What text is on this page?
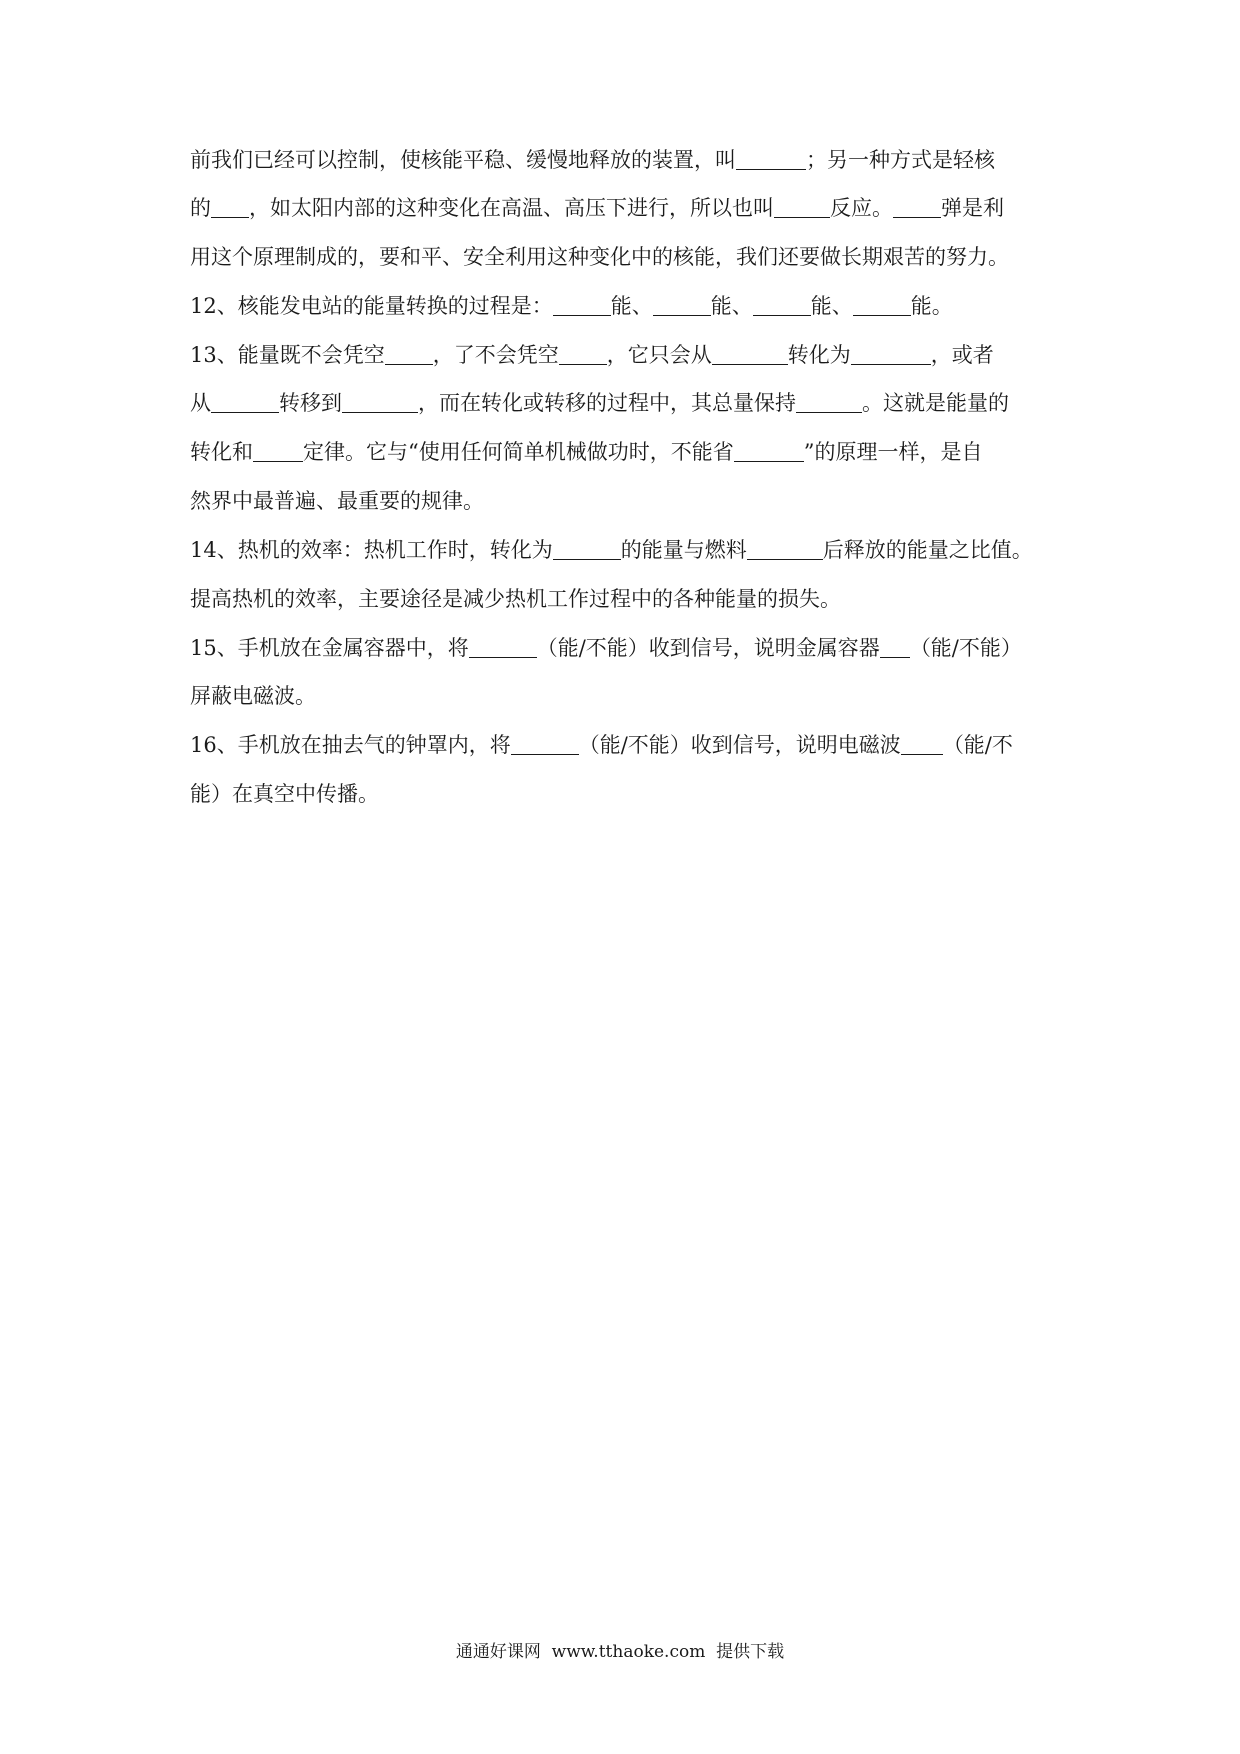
前我们已经可以控制，使核能平稳、缓慢地释放的装置，叫	；另一种方式是轻核
的 ，如太阳内部的这种变化在高温、高压下进行，所以也叫	反应。 弹是利
用这个原理制成的，要和平、安全利用这种变化中的核能，我们还要做长期艰苦的努力。
12、核能发电站的能量转换的过程是：	能、	能、	能、	能。
13、能量既不会凭空 ，了不会凭空 ，它只会从	转化为	，或者
从	转移到	，而在转化或转移的过程中，其总量保持	。这就是能量的
转化和 定律。它与“使用任何简单机械做功时，不能省	”的原理一样，是自
然界中最普遍、最重要的规律。
14、热机的效率：热机工作时，转化为	的能量与燃料	后释放的能量之比值。
提高热机的效率，主要途径是减少热机工作过程中的各种能量的损失。
15、手机放在金属容器中，将	（能/不能）收到信号，说明金属容器 （能/不能）
屏蔽电磁波。
16、手机放在抽去气的钟罩内，将	（能/不能）收到信号，说明电磁波 （能/不
能）在真空中传播。
通通好课网  www.tthaoke.com  提供下载
